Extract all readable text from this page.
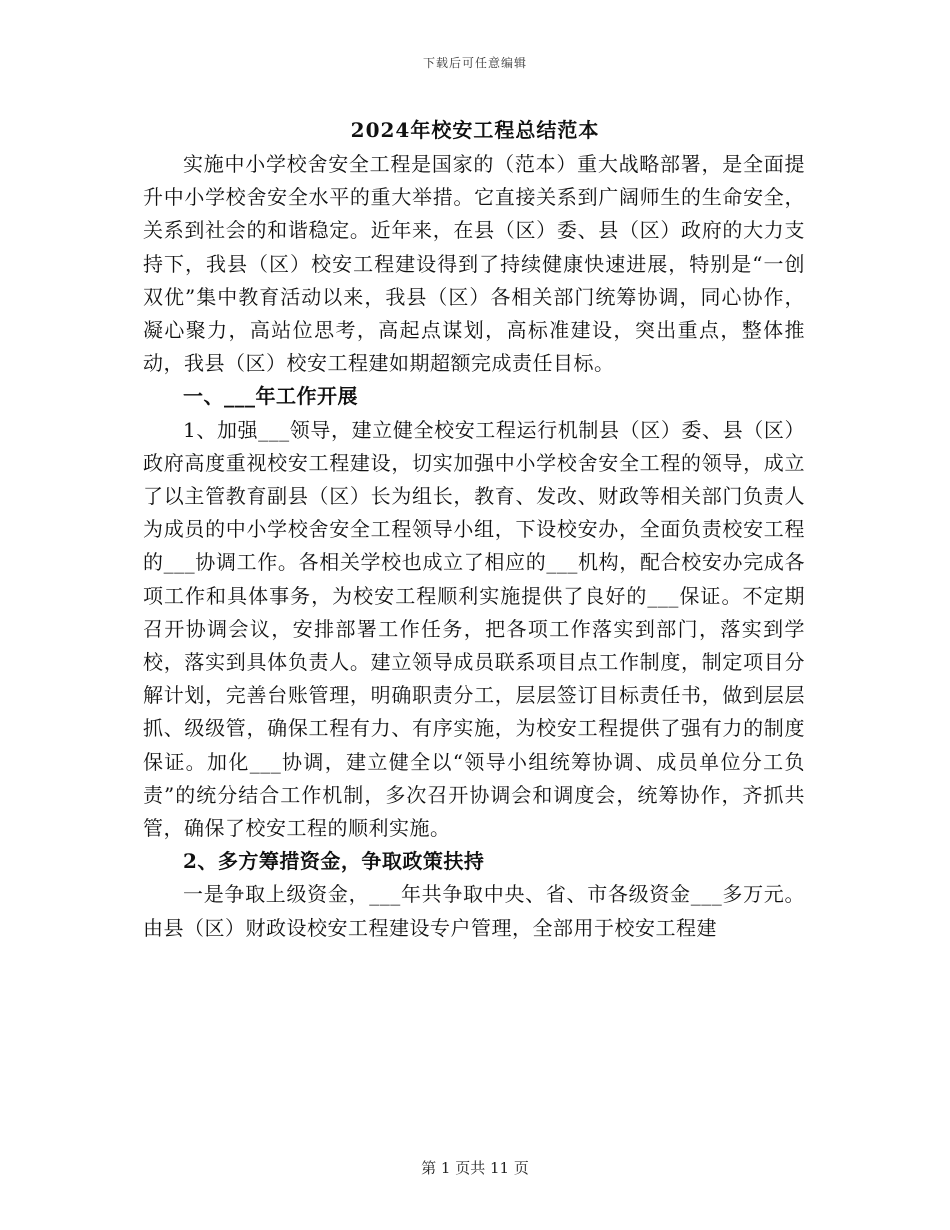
下载后可任意编辑
2024年校安工程总结范本

实施中小学校舍安全工程是国家的（范本）重大战略部署，是全面提升中小学校舍安全水平的重大举措。它直接关系到广阔师生的生命安全，关系到社会的和谐稳定。近年来，在县（区）委、县（区）政府的大力支持下，我县（区）校安工程建设得到了持续健康快速进展，特别是“一创双优”集中教育活动以来，我县（区）各相关部门统筹协调，同心协作，凝心聚力，高站位思考，高起点谋划，高标准建设，突出重点，整体推动，我县（区）校安工程建如期超额完成责任目标。

一、___年工作开展

1、加强___领导，建立健全校安工程运行机制县（区）委、县（区）政府高度重视校安工程建设，切实加强中小学校舍安全工程的领导，成立了以主管教育副县（区）长为组长，教育、发改、财政等相关部门负责人为成员的中小学校舍安全工程领导小组，下设校安办，全面负责校安工程的___协调工作。各相关学校也成立了相应的___机构，配合校安办完成各项工作和具体事务，为校安工程顺利实施提供了良好的___保证。不定期召开协调会议，安排部署工作任务，把各项工作落实到部门，落实到学校，落实到具体负责人。建立领导成员联系项目点工作制度，制定项目分解计划，完善台账管理，明确职责分工，层层签订目标责任书，做到层层抓、级级管，确保工程有力、有序实施，为校安工程提供了强有力的制度保证。加化___协调，建立健全以“领导小组统筹协调、成员单位分工负责”的统分结合工作机制，多次召开协调会和调度会，统筹协作，齐抓共管，确保了校安工程的顺利实施。

2、多方筹措资金，争取政策扶持

一是争取上级资金，___年共争取中央、省、市各级资金___多万元。由县（区）财政设校安工程建设专户管理，全部用于校安工程建

第 1 页共 11 页
